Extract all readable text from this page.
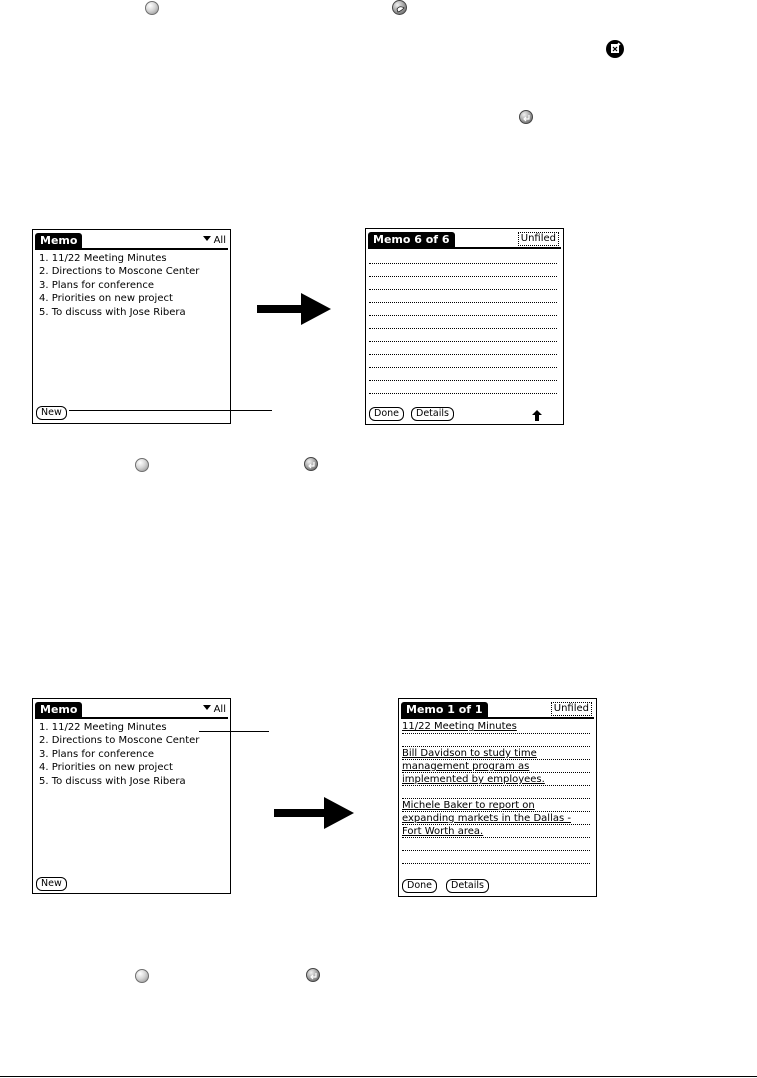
Memo	All
1. 11/22 Meeting Minutes
2. Directions to Moscone Center
3. Plans for conference
4. Priorities on new project
5. To discuss with Jose Ribera
New
Memo 6 of 6	Unfiled
Done	Details
Memo	All
1. 11/22 Meeting Minutes
2. Directions to Moscone Center
3. Plans for conference
4. Priorities on new project
5. To discuss with Jose Ribera
New
Memo 1 of 1	Unfiled
11/22 Meeting Minutes
Bill Davidson to study time
management program as
implemented by employees.
Michele Baker to report on
expanding markets in the Dallas -
Fort Worth area.
Done	Details
